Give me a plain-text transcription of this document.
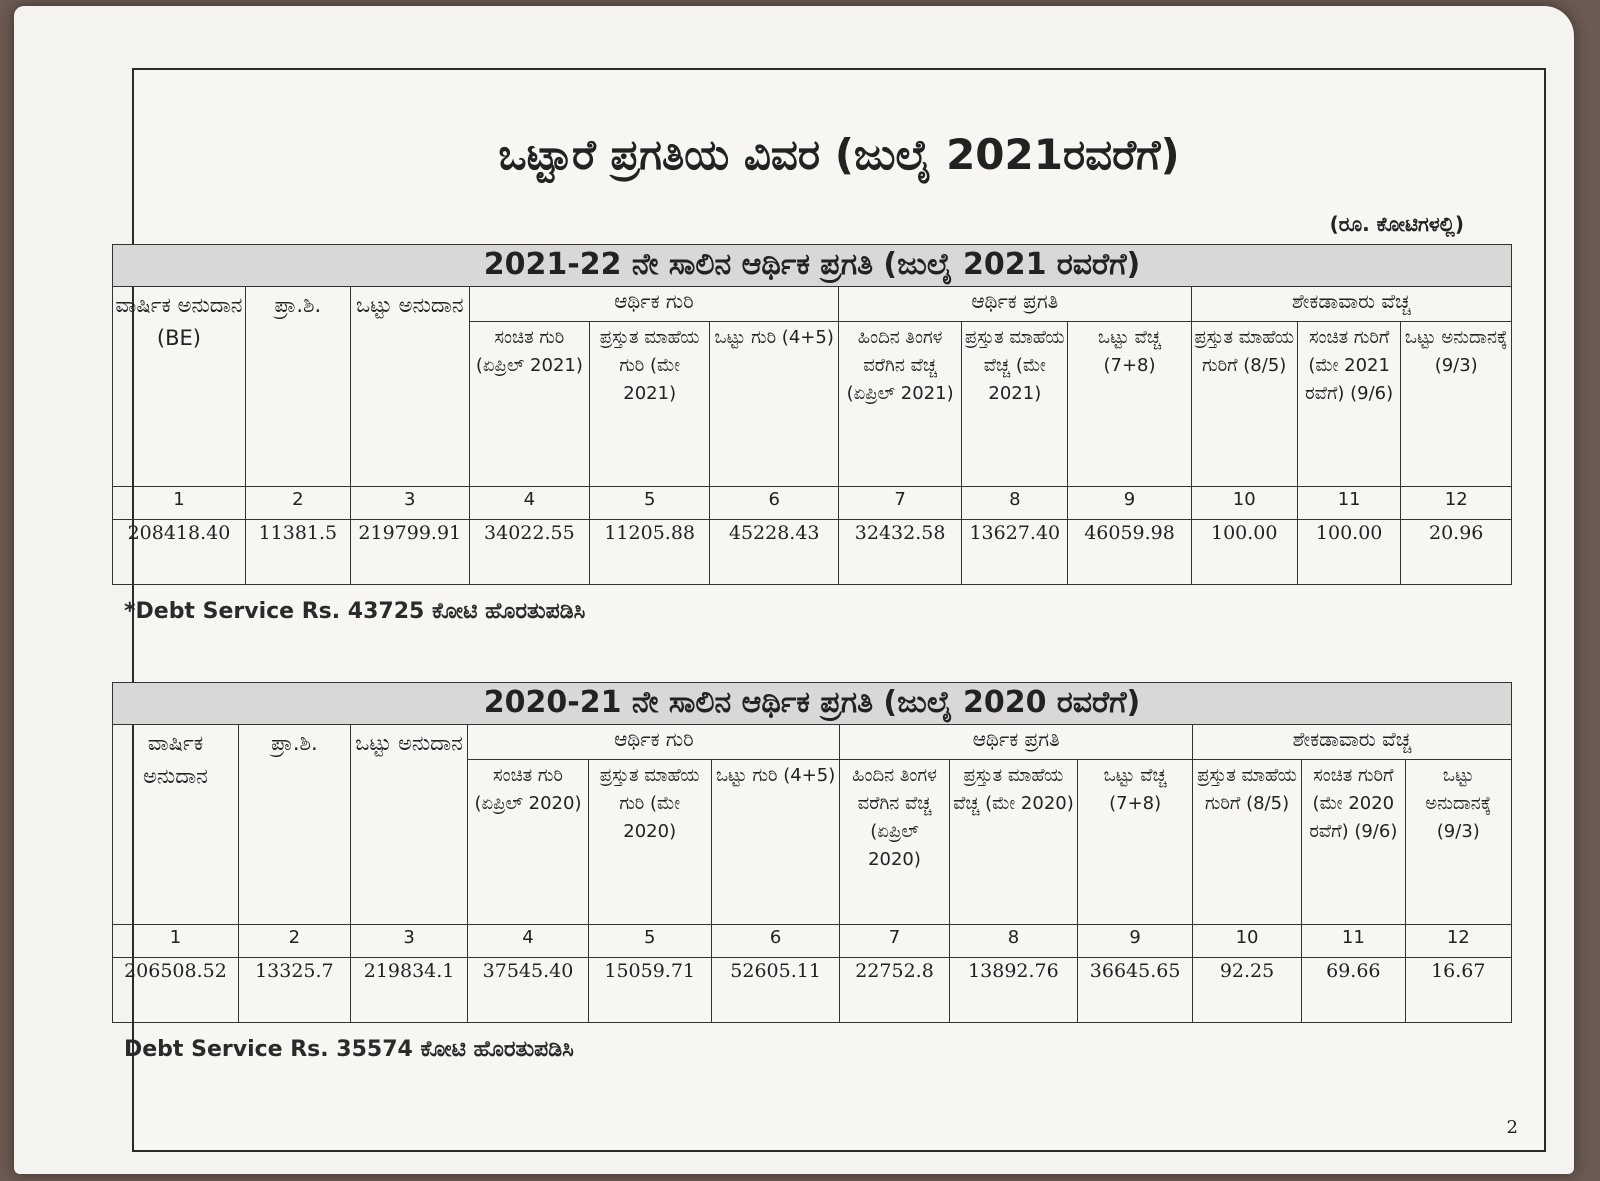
ಒಟ್ಟಾರೆ ಪ್ರಗತಿಯ ವಿವರ (ಜುಲೈ 2021ರವರೆಗೆ)
(ರೂ. ಕೋಟಿಗಳಲ್ಲಿ)
2021-22 ನೇ ಸಾಲಿನ ಆರ್ಥಿಕ ಪ್ರಗತಿ (ಜುಲೈ 2021 ರವರೆಗೆ)
ವಾರ್ಷಿಕ ಅನುದಾನ (BE)	ಪ್ರಾ.ಶಿ.	ಒಟ್ಟು ಅನುದಾನ	ಆರ್ಥಿಕ ಗುರಿ			ಆರ್ಥಿಕ ಪ್ರಗತಿ			ಶೇಕಡಾವಾರು ವೆಚ್ಚ		
			ಸಂಚಿತ ಗುರಿ (ಏಪ್ರಿಲ್ 2021)	ಪ್ರಸ್ತುತ ಮಾಹೆಯ ಗುರಿ (ಮೇ 2021)	ಒಟ್ಟು ಗುರಿ (4+5)	ಹಿಂದಿನ ತಿಂಗಳ ವರೆಗಿನ ವೆಚ್ಚ (ಏಪ್ರಿಲ್ 2021)	ಪ್ರಸ್ತುತ ಮಾಹೆಯ ವೆಚ್ಚ (ಮೇ 2021)	ಒಟ್ಟು ವೆಚ್ಚ (7+8)	ಪ್ರಸ್ತುತ ಮಾಹೆಯ ಗುರಿಗೆ (8/5)	ಸಂಚಿತ ಗುರಿಗೆ (ಮೇ 2021 ರವೆಗೆ) (9/6)	ಒಟ್ಟು ಅನುದಾನಕ್ಕೆ (9/3)
1	2	3	4	5	6	7	8	9	10	11	12
208418.40	11381.5	219799.91	34022.55	11205.88	45228.43	32432.58	13627.40	46059.98	100.00	100.00	20.96
*Debt Service Rs. 43725 ಕೋಟಿ ಹೊರತುಪಡಿಸಿ
2020-21 ನೇ ಸಾಲಿನ ಆರ್ಥಿಕ ಪ್ರಗತಿ (ಜುಲೈ 2020 ರವರೆಗೆ)
ವಾರ್ಷಿಕ ಅನುದಾನ	ಪ್ರಾ.ಶಿ.	ಒಟ್ಟು ಅನುದಾನ	ಆರ್ಥಿಕ ಗುರಿ			ಆರ್ಥಿಕ ಪ್ರಗತಿ			ಶೇಕಡಾವಾರು ವೆಚ್ಚ		
			ಸಂಚಿತ ಗುರಿ (ಏಪ್ರಿಲ್ 2020)	ಪ್ರಸ್ತುತ ಮಾಹೆಯ ಗುರಿ (ಮೇ 2020)	ಒಟ್ಟು ಗುರಿ (4+5)	ಹಿಂದಿನ ತಿಂಗಳ ವರೆಗಿನ ವೆಚ್ಚ (ಏಪ್ರಿಲ್ 2020)	ಪ್ರಸ್ತುತ ಮಾಹೆಯ ವೆಚ್ಚ (ಮೇ 2020)	ಒಟ್ಟು ವೆಚ್ಚ (7+8)	ಪ್ರಸ್ತುತ ಮಾಹೆಯ ಗುರಿಗೆ (8/5)	ಸಂಚಿತ ಗುರಿಗೆ (ಮೇ 2020 ರವೆಗೆ) (9/6)	ಒಟ್ಟು ಅನುದಾನಕ್ಕೆ (9/3)
1	2	3	4	5	6	7	8	9	10	11	12
206508.52	13325.7	219834.1	37545.40	15059.71	52605.11	22752.8	13892.76	36645.65	92.25	69.66	16.67
Debt Service Rs. 35574 ಕೋಟಿ ಹೊರತುಪಡಿಸಿ
2
